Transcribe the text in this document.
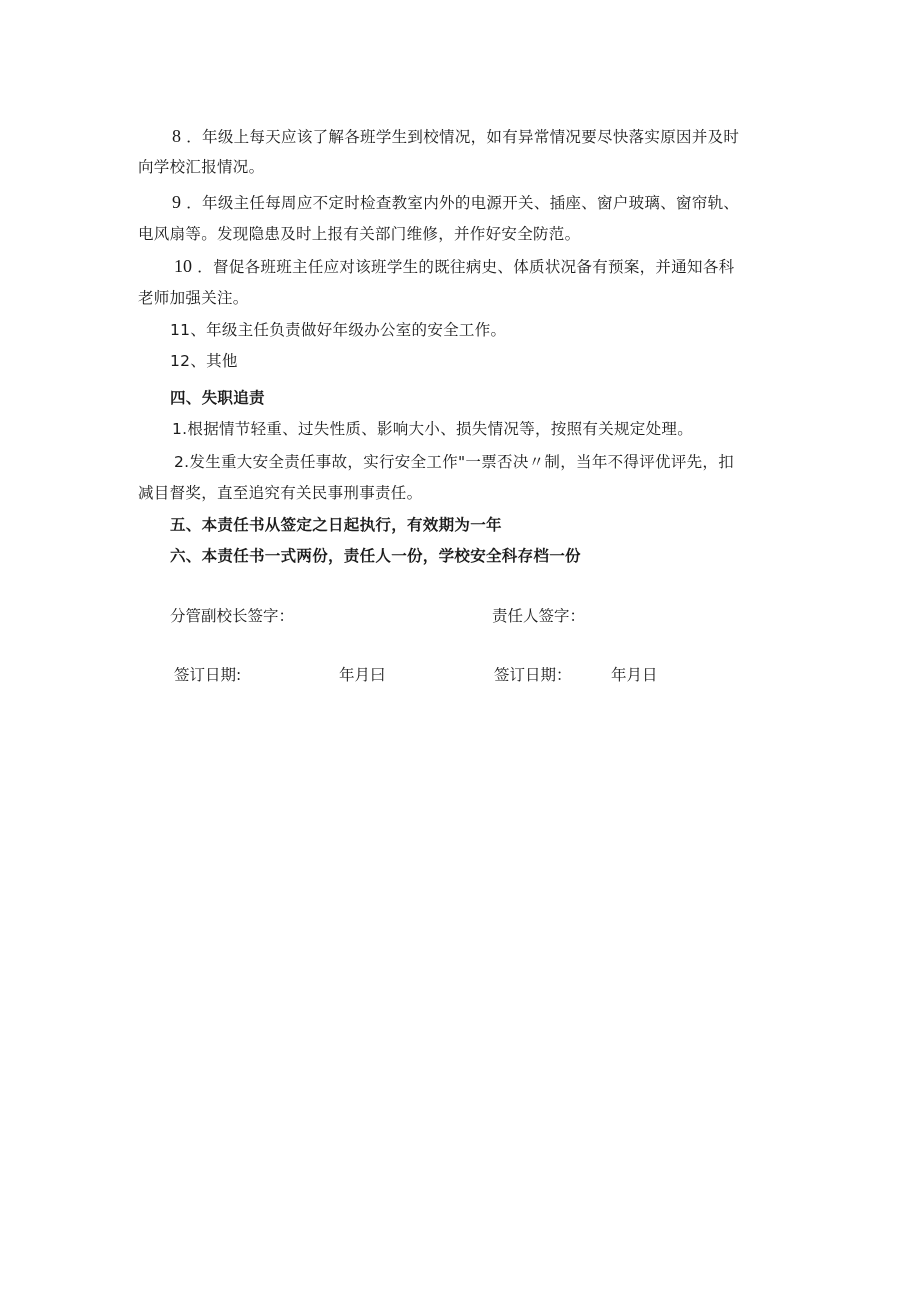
8 ．年级上每天应该了解各班学生到校情况，如有异常情况要尽快落实原因并及时
向学校汇报情况。
9 ．年级主任每周应不定时检查教室内外的电源开关、插座、窗户玻璃、窗帘轨、
电风扇等。发现隐患及时上报有关部门维修，并作好安全防范。
10 ．督促各班班主任应对该班学生的既往病史、体质状况备有预案，并通知各科
老师加强关注。
11、年级主任负责做好年级办公室的安全工作。
12、其他
四、失职追责
1.根据情节轻重、过失性质、影响大小、损失情况等，按照有关规定处理。
2.发生重大安全责任事故，实行安全工作"一票否决〃制，当年不得评优评先，扣
减目督奖，直至追究有关民事刑事责任。
五、本责任书从签定之日起执行，有效期为一年
六、本责任书一式两份，责任人一份，学校安全科存档一份
分管副校长签字：	责任人签字：
签订日期:	年月曰	签订日期：	年月日
